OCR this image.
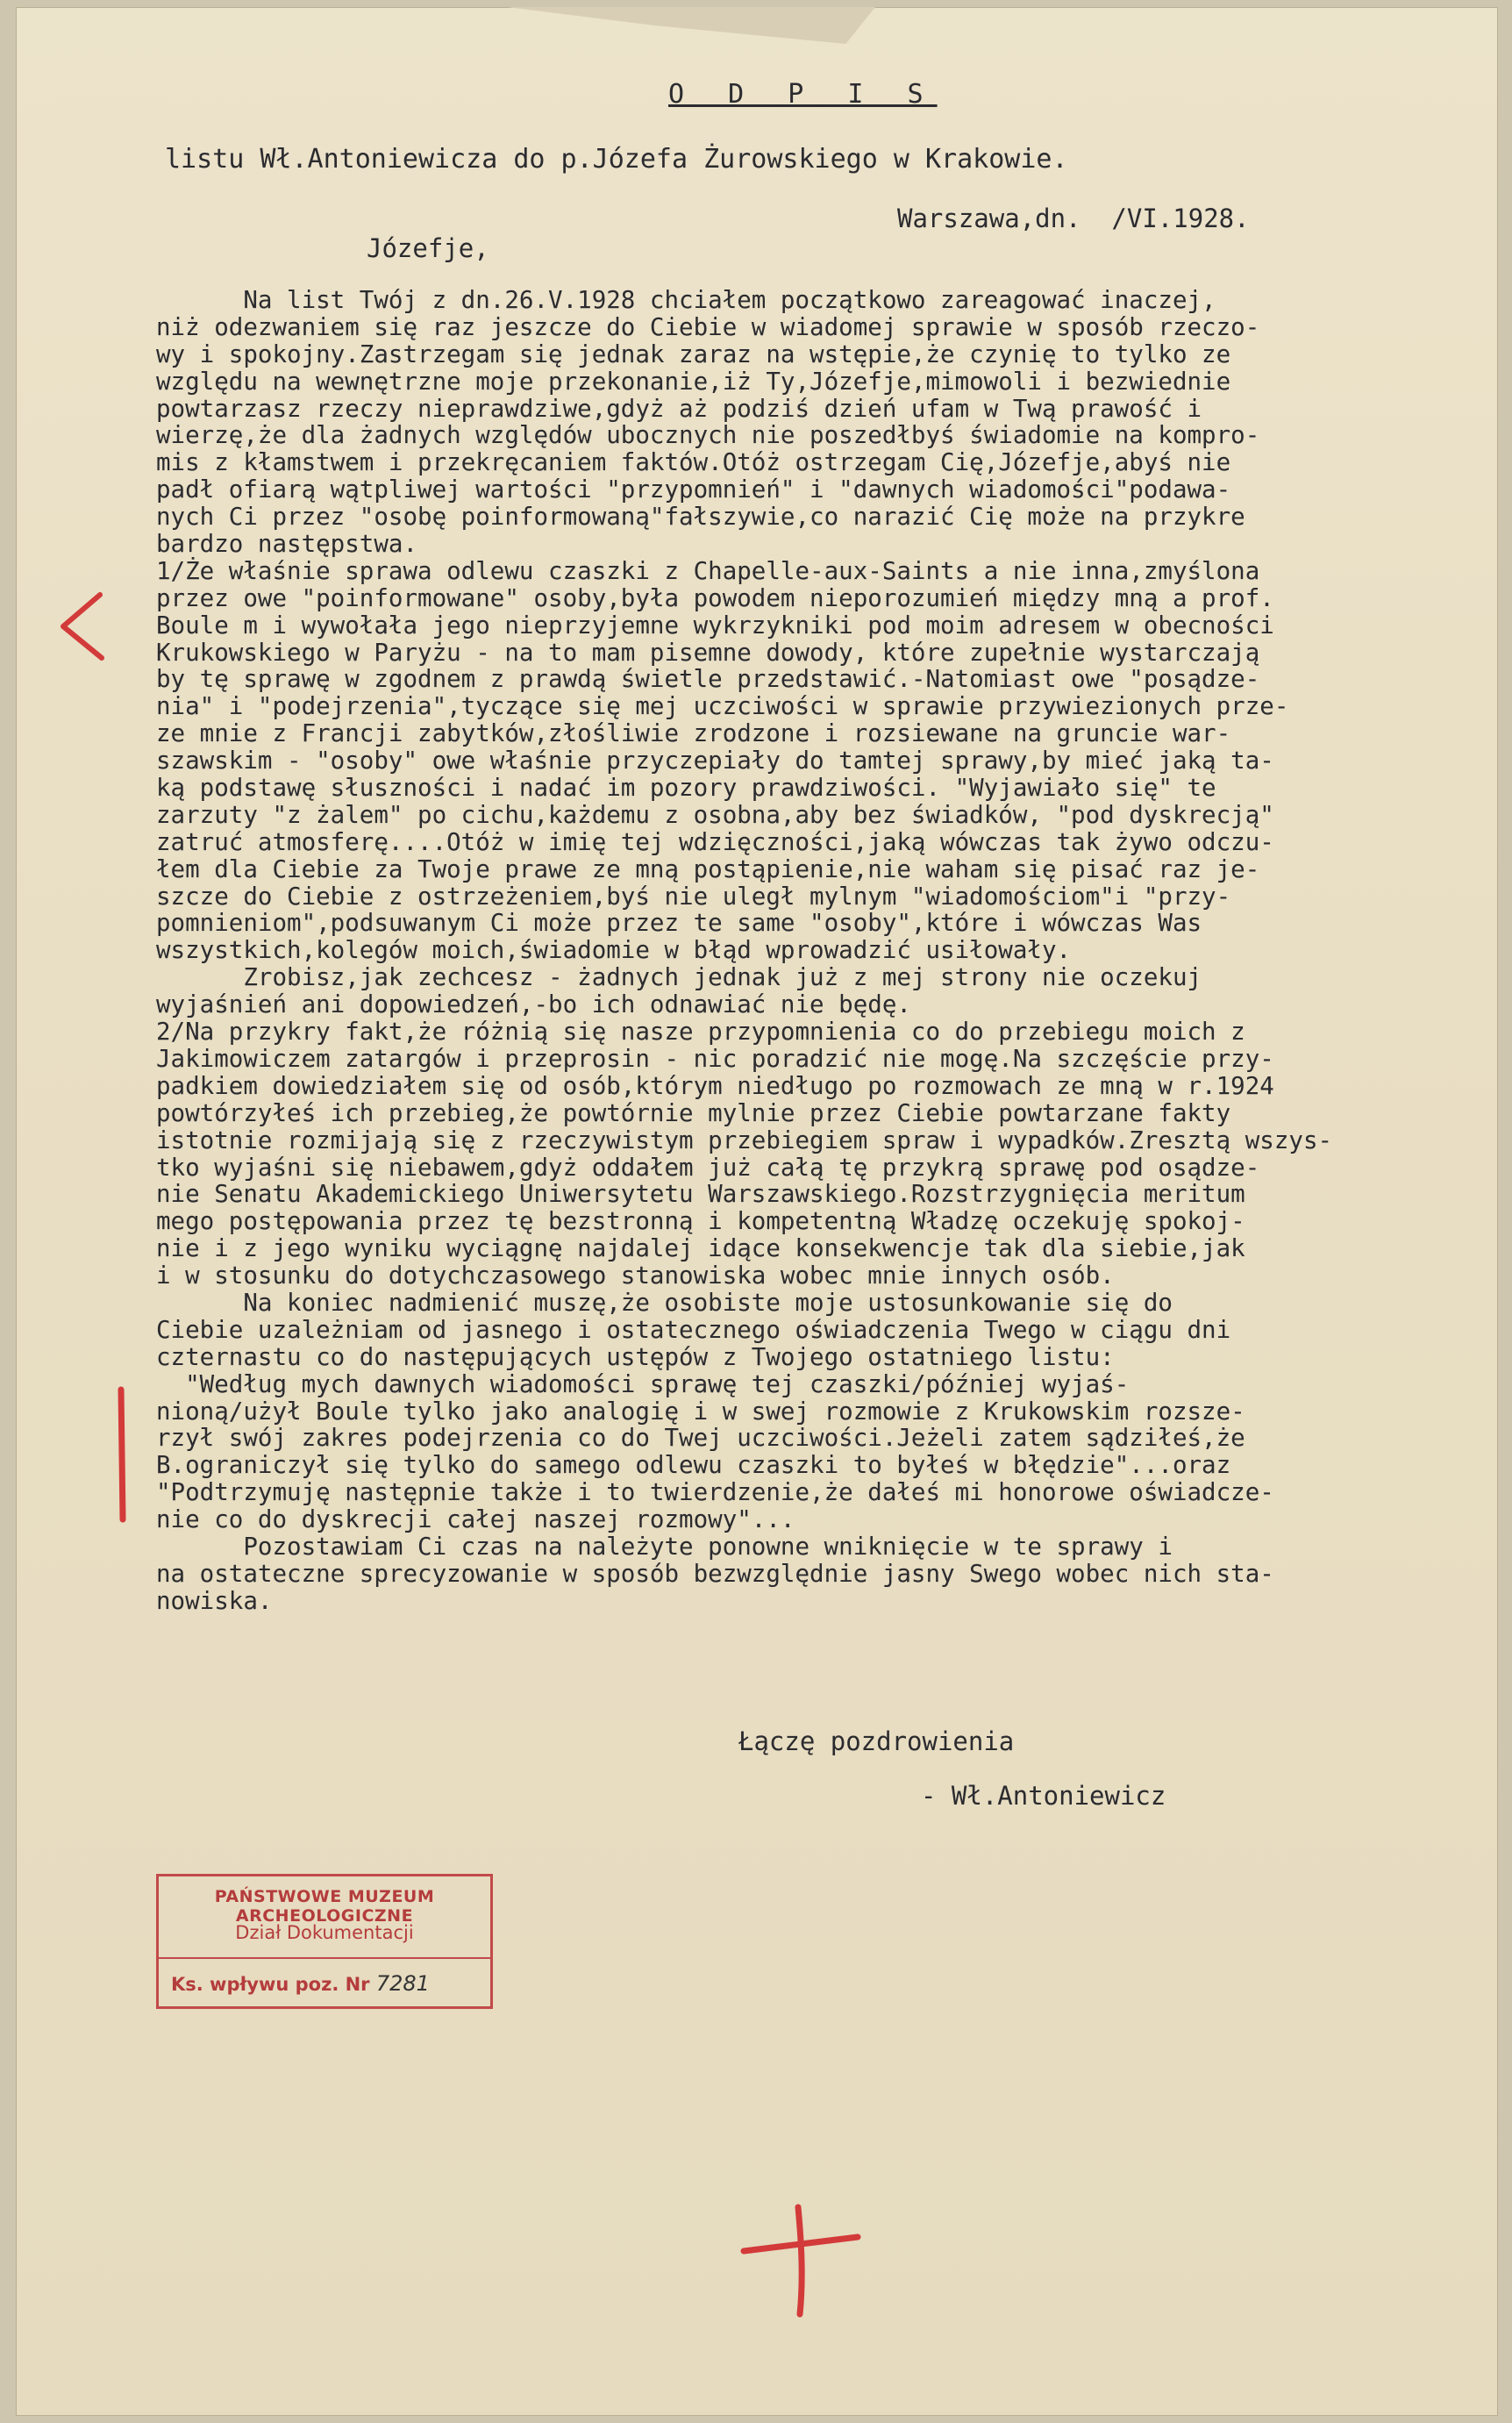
O D P I S
listu Wł.Antoniewicza do p.Józefa Żurowskiego w Krakowie.
Warszawa,dn.  /VI.1928.
Józefje,
Na list Twój z dn.26.V.1928 chciałem początkowo zareagować inaczej,
niż odezwaniem się raz jeszcze do Ciebie w wiadomej sprawie w sposób rzeczo-
wy i spokojny.Zastrzegam się jednak zaraz na wstępie,że czynię to tylko ze
względu na wewnętrzne moje przekonanie,iż Ty,Józefje,mimowoli i bezwiednie
powtarzasz rzeczy nieprawdziwe,gdyż aż podziś dzień ufam w Twą prawość i
wierzę,że dla żadnych względów ubocznych nie poszedłbyś świadomie na kompro-
mis z kłamstwem i przekręcaniem faktów.Otóż ostrzegam Cię,Józefje,abyś nie
padł ofiarą wątpliwej wartości "przypomnień" i "dawnych wiadomości"podawa-
nych Ci przez "osobę poinformowaną"fałszywie,co narazić Cię może na przykre
bardzo następstwa.
1/Że właśnie sprawa odlewu czaszki z Chapelle-aux-Saints a nie inna,zmyślona
przez owe "poinformowane" osoby,była powodem nieporozumień między mną a prof.
Boule m i wywołała jego nieprzyjemne wykrzykniki pod moim adresem w obecności
Krukowskiego w Paryżu - na to mam pisemne dowody, które zupełnie wystarczają
by tę sprawę w zgodnem z prawdą świetle przedstawić.-Natomiast owe "posądze-
nia" i "podejrzenia",tyczące się mej uczciwości w sprawie przywiezionych prze-
ze mnie z Francji zabytków,złośliwie zrodzone i rozsiewane na gruncie war-
szawskim - "osoby" owe właśnie przyczepiały do tamtej sprawy,by mieć jaką ta-
ką podstawę słuszności i nadać im pozory prawdziwości. "Wyjawiało się" te
zarzuty "z żalem" po cichu,każdemu z osobna,aby bez świadków, "pod dyskrecją"
zatruć atmosferę....Otóż w imię tej wdzięczności,jaką wówczas tak żywo odczu-
łem dla Ciebie za Twoje prawe ze mną postąpienie,nie waham się pisać raz je-
szcze do Ciebie z ostrzeżeniem,byś nie uległ mylnym "wiadomościom"i "przy-
pomnieniom",podsuwanym Ci może przez te same "osoby",które i wówczas Was
wszystkich,kolegów moich,świadomie w błąd wprowadzić usiłowały.
Zrobisz,jak zechcesz - żadnych jednak już z mej strony nie oczekuj
wyjaśnień ani dopowiedzeń,-bo ich odnawiać nie będę.
2/Na przykry fakt,że różnią się nasze przypomnienia co do przebiegu moich z
Jakimowiczem zatargów i przeprosin - nic poradzić nie mogę.Na szczęście przy-
padkiem dowiedziałem się od osób,którym niedługo po rozmowach ze mną w r.1924
powtórzyłeś ich przebieg,że powtórnie mylnie przez Ciebie powtarzane fakty
istotnie rozmijają się z rzeczywistym przebiegiem spraw i wypadków.Zresztą wszys-
tko wyjaśni się niebawem,gdyż oddałem już całą tę przykrą sprawę pod osądze-
nie Senatu Akademickiego Uniwersytetu Warszawskiego.Rozstrzygnięcia meritum
mego postępowania przez tę bezstronną i kompetentną Władzę oczekuję spokoj-
nie i z jego wyniku wyciągnę najdalej idące konsekwencje tak dla siebie,jak
i w stosunku do dotychczasowego stanowiska wobec mnie innych osób.
Na koniec nadmienić muszę,że osobiste moje ustosunkowanie się do
Ciebie uzależniam od jasnego i ostatecznego oświadczenia Twego w ciągu dni
czternastu co do następujących ustępów z Twojego ostatniego listu:
"Według mych dawnych wiadomości sprawę tej czaszki/później wyjaś-
nioną/użył Boule tylko jako analogię i w swej rozmowie z Krukowskim rozsze-
rzył swój zakres podejrzenia co do Twej uczciwości.Jeżeli zatem sądziłeś,że
B.ograniczył się tylko do samego odlewu czaszki to byłeś w błędzie"...oraz
"Podtrzymuję następnie także i to twierdzenie,że dałeś mi honorowe oświadcze-
nie co do dyskrecji całej naszej rozmowy"...
Pozostawiam Ci czas na należyte ponowne wniknięcie w te sprawy i
na ostateczne sprecyzowanie w sposób bezwzględnie jasny Swego wobec nich sta-
nowiska.
Łączę pozdrowienia
- Wł.Antoniewicz
PAŃSTWOWE MUZEUM ARCHEOLOGICZNE
Dział Dokumentacji
Ks. wpływu poz. Nr 7281
